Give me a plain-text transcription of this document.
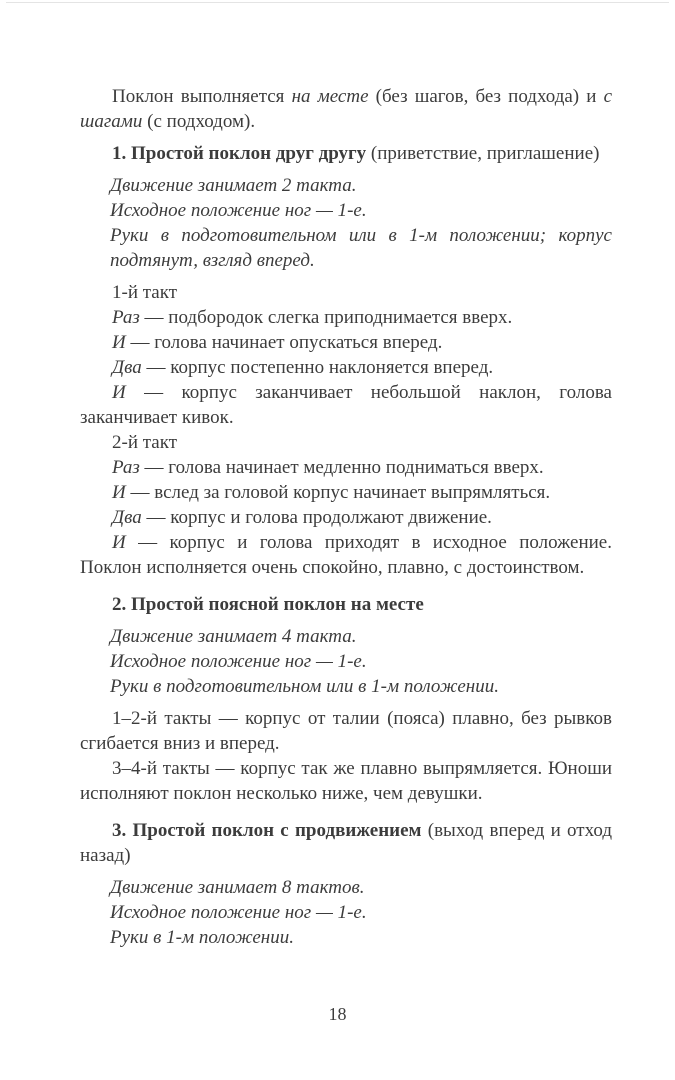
Поклон выполняется на месте (без шагов, без подхода) и с шагами (с подходом).

1. Простой поклон друг другу (приветствие, приглашение)

Движение занимает 2 такта.

Исходное положение ног — 1-е.

Руки в подготовительном или в 1-м положении; корпус подтянут, взгляд вперед.

1-й такт

Раз — подбородок слегка приподнимается вверх.

И — голова начинает опускаться вперед.

Два — корпус постепенно наклоняется вперед.

И — корпус заканчивает небольшой наклон, голова заканчивает кивок.

2-й такт

Раз — голова начинает медленно подниматься вверх.

И — вслед за головой корпус начинает выпрямляться.

Два — корпус и голова продолжают движение.

И — корпус и голова приходят в исходное положение. Поклон исполняется очень спокойно, плавно, с достоинством.

2. Простой поясной поклон на месте

Движение занимает 4 такта.

Исходное положение ног — 1-е.

Руки в подготовительном или в 1-м положении.

1–2-й такты — корпус от талии (пояса) плавно, без рывков сгибается вниз и вперед.

3–4-й такты — корпус так же плавно выпрямляется. Юноши исполняют поклон несколько ниже, чем девушки.

3. Простой поклон с продвижением (выход вперед и отход назад)

Движение занимает 8 тактов.

Исходное положение ног — 1-е.

Руки в 1-м положении.

18
